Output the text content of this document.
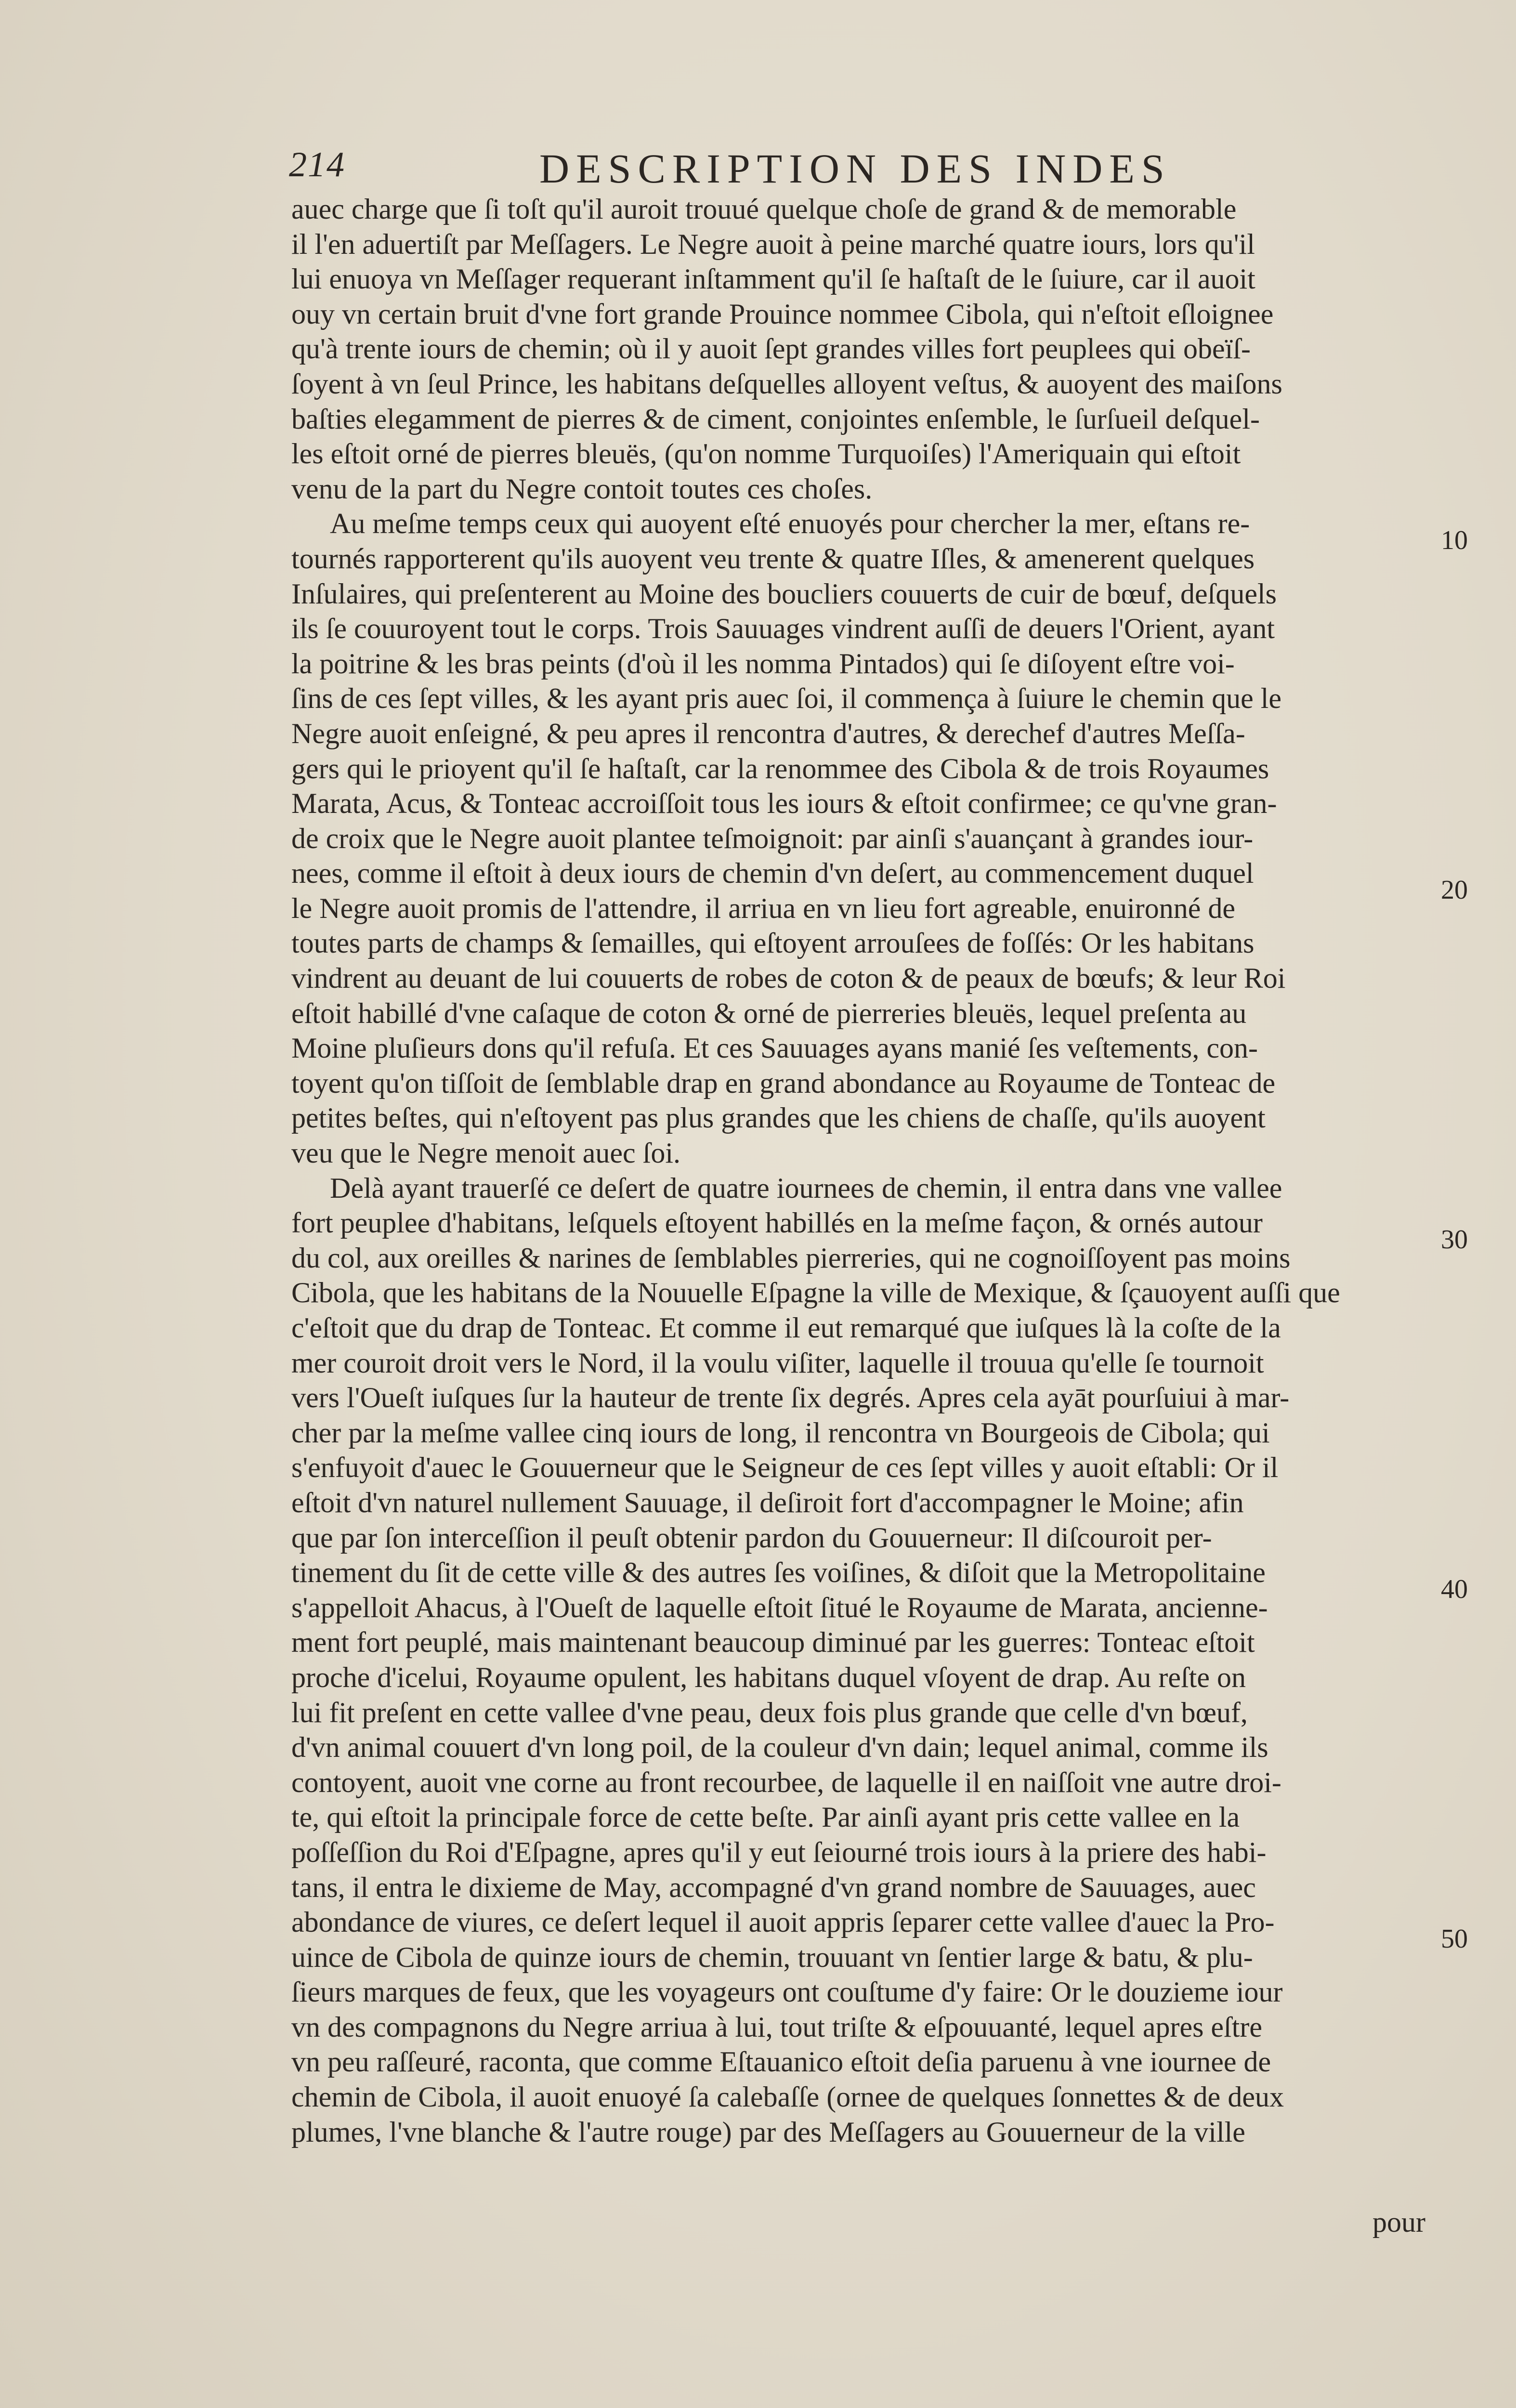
214	DESCRIPTION DES INDES
auec charge que ſi toſt qu'il auroit trouué quelque choſe de grand & de memorable
il l'en aduertiſt par Meſſagers. Le Negre auoit à peine marché quatre iours, lors qu'il
lui enuoya vn Meſſager requerant inſtamment qu'il ſe haſtaſt de le ſuiure, car il auoit
ouy vn certain bruit d'vne fort grande Prouince nommee Cibola, qui n'eſtoit eſloignee
qu'à trente iours de chemin; où il y auoit ſept grandes villes fort peuplees qui obeïſ-
ſoyent à vn ſeul Prince, les habitans deſquelles alloyent veſtus, & auoyent des maiſons
baſties elegamment de pierres & de ciment, conjointes enſemble, le ſurſueil deſquel-
les eſtoit orné de pierres bleuës, (qu'on nomme Turquoiſes) l'Ameriquain qui eſtoit
venu de la part du Negre contoit toutes ces choſes.
Au meſme temps ceux qui auoyent eſté enuoyés pour chercher la mer, eſtans re-
tournés rapporterent qu'ils auoyent veu trente & quatre Iſles, & amenerent quelques
Inſulaires, qui preſenterent au Moine des boucliers couuerts de cuir de bœuf, deſquels
ils ſe couuroyent tout le corps. Trois Sauuages vindrent auſſi de deuers l'Orient, ayant
la poitrine & les bras peints (d'où il les nomma Pintados) qui ſe diſoyent eſtre voi-
ſins de ces ſept villes, & les ayant pris auec ſoi, il commença à ſuiure le chemin que le
Negre auoit enſeigné, & peu apres il rencontra d'autres, & derechef d'autres Meſſa-
gers qui le prioyent qu'il ſe haſtaſt, car la renommee des Cibola & de trois Royaumes
Marata, Acus, & Tonteac accroiſſoit tous les iours & eſtoit confirmee; ce qu'vne gran-
de croix que le Negre auoit plantee teſmoignoit: par ainſi s'auançant à grandes iour-
nees, comme il eſtoit à deux iours de chemin d'vn deſert, au commencement duquel
le Negre auoit promis de l'attendre, il arriua en vn lieu fort agreable, enuironné de
toutes parts de champs & ſemailles, qui eſtoyent arrouſees de foſſés: Or les habitans
vindrent au deuant de lui couuerts de robes de coton & de peaux de bœufs; & leur Roi
eſtoit habillé d'vne caſaque de coton & orné de pierreries bleuës, lequel preſenta au
Moine pluſieurs dons qu'il refuſa. Et ces Sauuages ayans manié ſes veſtements, con-
toyent qu'on tiſſoit de ſemblable drap en grand abondance au Royaume de Tonteac de
petites beſtes, qui n'eſtoyent pas plus grandes que les chiens de chaſſe, qu'ils auoyent
veu que le Negre menoit auec ſoi.
Delà ayant trauerſé ce deſert de quatre iournees de chemin, il entra dans vne vallee
fort peuplee d'habitans, leſquels eſtoyent habillés en la meſme façon, & ornés autour
du col, aux oreilles & narines de ſemblables pierreries, qui ne cognoiſſoyent pas moins
Cibola, que les habitans de la Nouuelle Eſpagne la ville de Mexique, & ſçauoyent auſſi que
c'eſtoit que du drap de Tonteac. Et comme il eut remarqué que iuſques là la coſte de la
mer couroit droit vers le Nord, il la voulu viſiter, laquelle il trouua qu'elle ſe tournoit
vers l'Oueſt iuſques ſur la hauteur de trente ſix degrés. Apres cela ayāt pourſuiui à mar-
cher par la meſme vallee cinq iours de long, il rencontra vn Bourgeois de Cibola; qui
s'enfuyoit d'auec le Gouuerneur que le Seigneur de ces ſept villes y auoit eſtabli: Or il
eſtoit d'vn naturel nullement Sauuage, il deſiroit fort d'accompagner le Moine; afin
que par ſon interceſſion il peuſt obtenir pardon du Gouuerneur: Il diſcouroit per-
tinement du ſit de cette ville & des autres ſes voiſines, & diſoit que la Metropolitaine
s'appelloit Ahacus, à l'Oueſt de laquelle eſtoit ſitué le Royaume de Marata, ancienne-
ment fort peuplé, mais maintenant beaucoup diminué par les guerres: Tonteac eſtoit
proche d'icelui, Royaume opulent, les habitans duquel vſoyent de drap. Au reſte on
lui fit preſent en cette vallee d'vne peau, deux fois plus grande que celle d'vn bœuf,
d'vn animal couuert d'vn long poil, de la couleur d'vn dain; lequel animal, comme ils
contoyent, auoit vne corne au front recourbee, de laquelle il en naiſſoit vne autre droi-
te, qui eſtoit la principale force de cette beſte. Par ainſi ayant pris cette vallee en la
poſſeſſion du Roi d'Eſpagne, apres qu'il y eut ſeiourné trois iours à la priere des habi-
tans, il entra le dixieme de May, accompagné d'vn grand nombre de Sauuages, auec
abondance de viures, ce deſert lequel il auoit appris ſeparer cette vallee d'auec la Pro-
uince de Cibola de quinze iours de chemin, trouuant vn ſentier large & batu, & plu-
ſieurs marques de feux, que les voyageurs ont couſtume d'y faire: Or le douzieme iour
vn des compagnons du Negre arriua à lui, tout triſte & eſpouuanté, lequel apres eſtre
vn peu raſſeuré, raconta, que comme Eſtauanico eſtoit deſia paruenu à vne iournee de
chemin de Cibola, il auoit enuoyé ſa calebaſſe (ornee de quelques ſonnettes & de deux
plumes, l'vne blanche & l'autre rouge) par des Meſſagers au Gouuerneur de la ville
10
20
30
40
50
pour
